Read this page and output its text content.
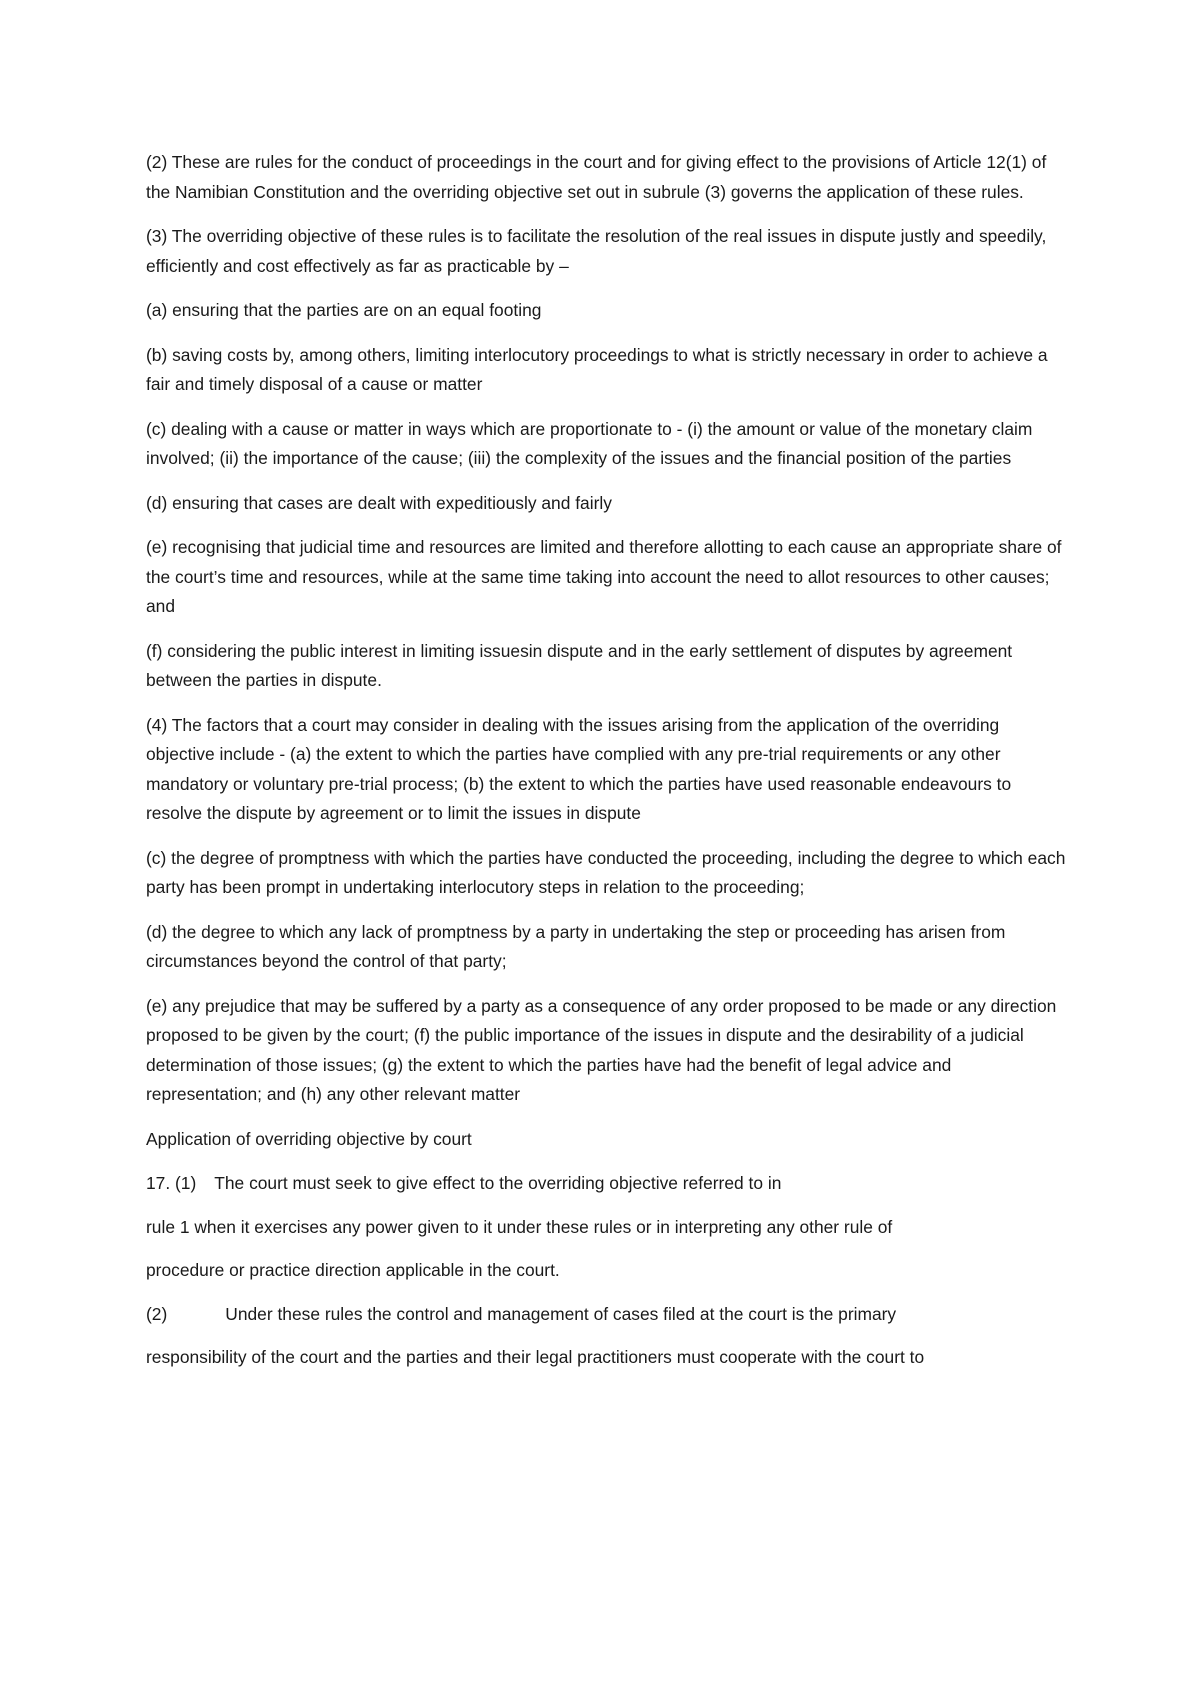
(2) These are rules for the conduct of proceedings in the court and for giving effect to the provisions of Article 12(1) of the Namibian Constitution and the overriding objective set out in subrule (3) governs the application of these rules.

(3) The overriding objective of these rules is to facilitate the resolution of the real issues in dispute justly and speedily, efficiently and cost effectively as far as practicable by –

(a) ensuring that the parties are on an equal footing

(b) saving costs by, among others, limiting interlocutory proceedings to what is strictly necessary in order to achieve a fair and timely disposal of a cause or matter

(c) dealing with a cause or matter in ways which are proportionate to - (i) the amount or value of the monetary claim involved; (ii) the importance of the cause; (iii) the complexity of the issues and the financial position of the parties

(d) ensuring that cases are dealt with expeditiously and fairly

(e) recognising that judicial time and resources are limited and therefore allotting to each cause an appropriate share of the court’s time and resources, while at the same time taking into account the need to allot resources to other causes; and

(f) considering the public interest in limiting issuesin dispute and in the early settlement of disputes by agreement between the parties in dispute.

(4) The factors that a court may consider in dealing with the issues arising from the application of the overriding objective include - (a) the extent to which the parties have complied with any pre-trial requirements or any other mandatory or voluntary pre-trial process; (b) the extent to which the parties have used reasonable endeavours to resolve the dispute by agreement or to limit the issues in dispute

(c) the degree of promptness with which the parties have conducted the proceeding, including the degree to which each party has been prompt in undertaking interlocutory steps in relation to the proceeding;

(d) the degree to which any lack of promptness by a party in undertaking the step or proceeding has arisen from circumstances beyond the control of that party;

(e) any prejudice that may be suffered by a party as a consequence of any order proposed to be made or any direction proposed to be given by the court; (f) the public importance of the issues in dispute and the desirability of a judicial determination of those issues; (g) the extent to which the parties have had the benefit of legal advice and representation; and (h) any other relevant matter

Application of overriding objective by court

17. (1) The court must seek to give effect to the overriding objective referred to in

rule 1 when it exercises any power given to it under these rules or in interpreting any other rule of

procedure or practice direction applicable in the court.

(2)	Under these rules the control and management of cases filed at the court is the primary

responsibility of the court and the parties and their legal practitioners must cooperate with the court to
